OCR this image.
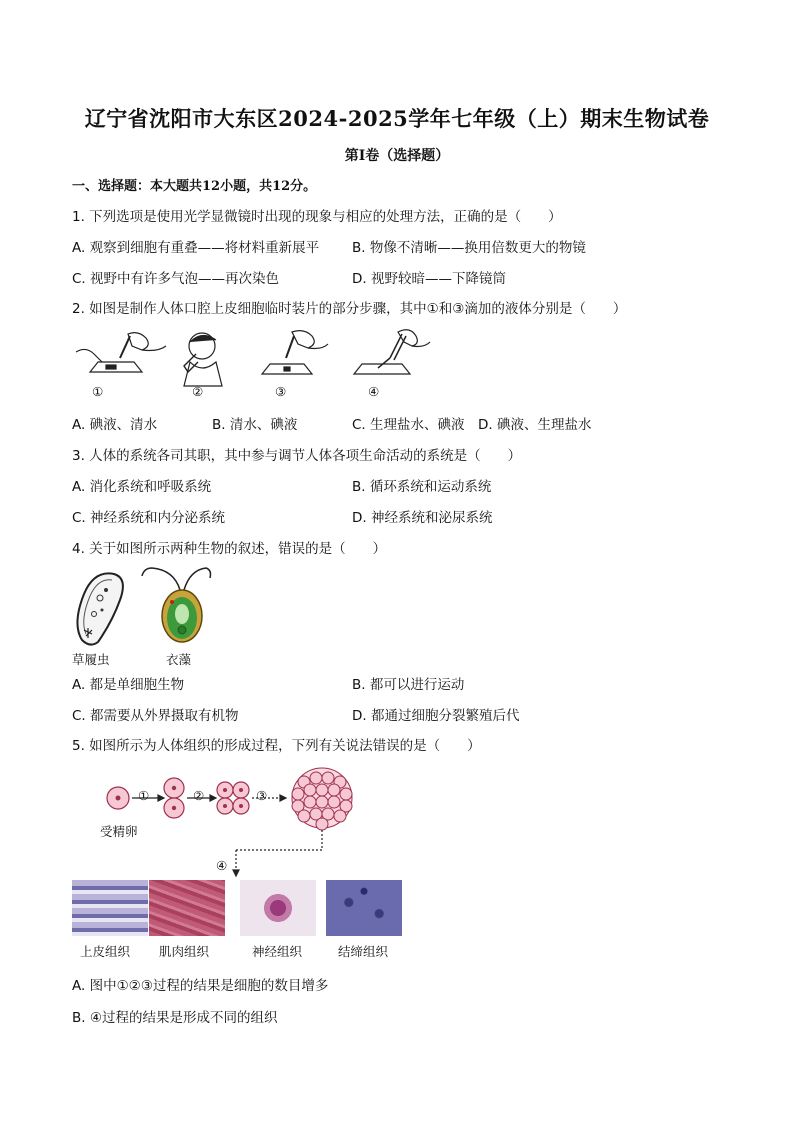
辽宁省沈阳市大东区2024-2025学年七年级（上）期末生物试卷
第I卷（选择题）
一、选择题：本大题共12小题，共12分。
1. 下列选项是使用光学显微镜时出现的现象与相应的处理方法，正确的是（　　）
A. 观察到细胞有重叠——将材料重新展平 B. 物像不清晰——换用倍数更大的物镜
C. 视野中有许多气泡——再次染色	D. 视野较暗——下降镜筒
2. 如图是制作人体口腔上皮细胞临时装片的部分步骤，其中①和③滴加的液体分别是（　　）
①	②	③	④
A. 碘液、清水	B. 清水、碘液	C. 生理盐水、碘液 D. 碘液、生理盐水
3. 人体的系统各司其职，其中参与调节人体各项生命活动的系统是（　　）
A. 消化系统和呼吸系统	B. 循环系统和运动系统
C. 神经系统和内分泌系统	D. 神经系统和泌尿系统
4. 关于如图所示两种生物的叙述，错误的是（　　）
草履虫	衣藻
A. 都是单细胞生物	B. 都可以进行运动
C. 都需要从外界摄取有机物	D. 都通过细胞分裂繁殖后代
5. 如图所示为人体组织的形成过程，下列有关说法错误的是（　　）
①	②	③
④
受精卵
上皮组织 肌肉组织	神经组织	结缔组织
A. 图中①②③过程的结果是细胞的数目增多
B. ④过程的结果是形成不同的组织
